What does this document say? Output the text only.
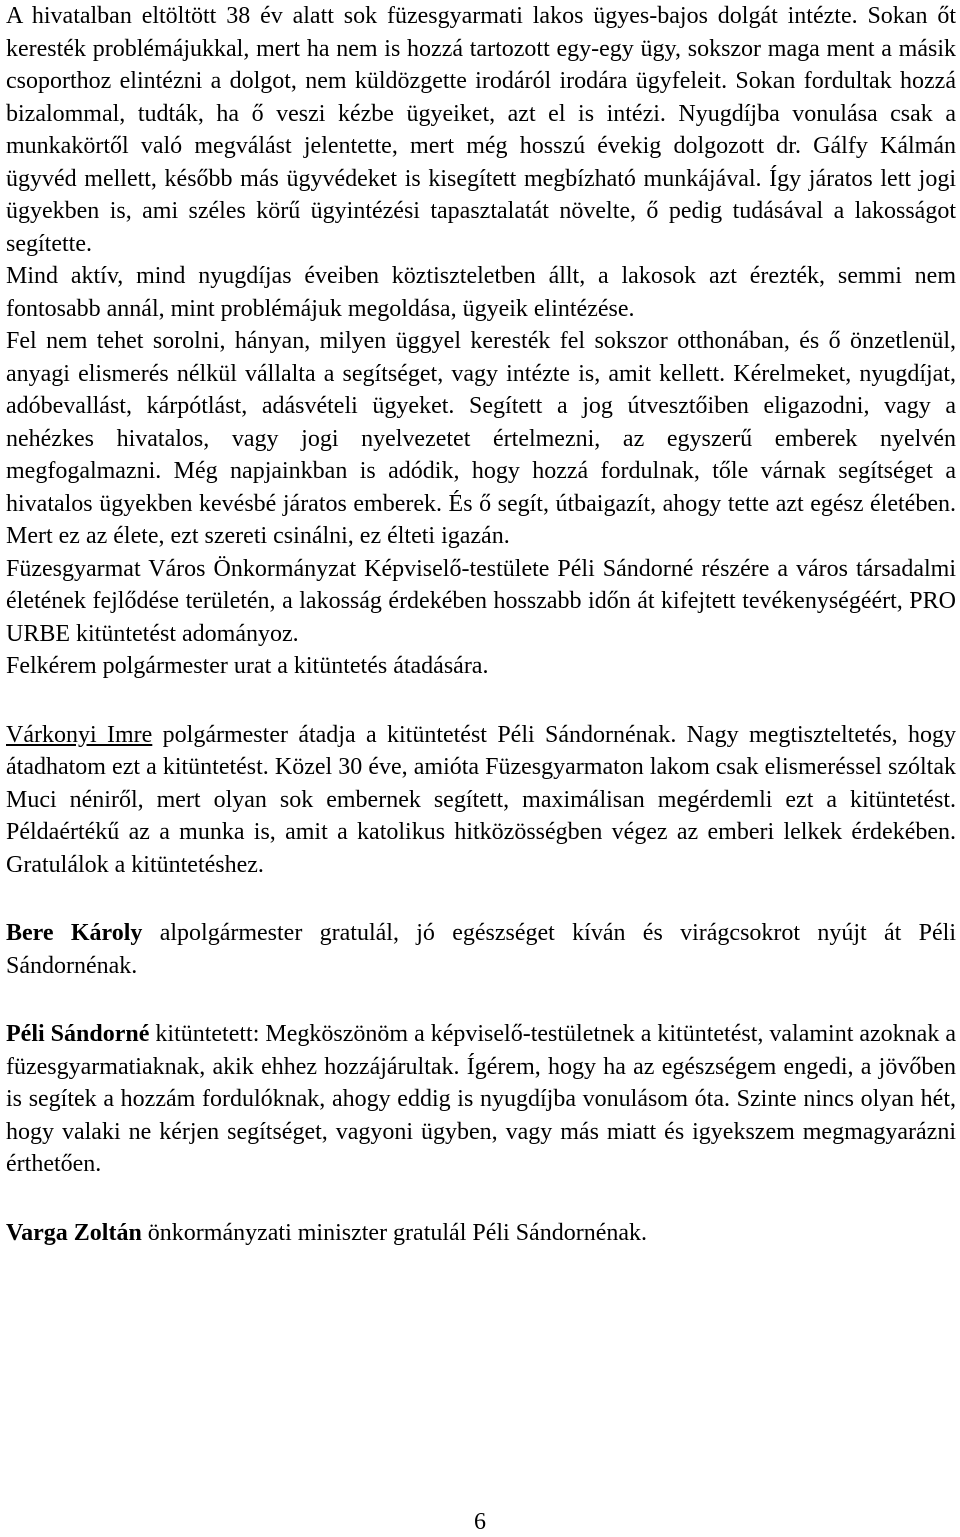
A hivatalban eltöltött 38 év alatt sok füzesgyarmati lakos ügyes-bajos dolgát intézte. Sokan őt keresték problémájukkal, mert ha nem is hozzá tartozott egy-egy ügy, sokszor maga ment a másik csoporthoz elintézni a dolgot, nem küldözgette irodáról irodára ügyfeleit. Sokan fordultak hozzá bizalommal, tudták, ha ő veszi kézbe ügyeiket, azt el is intézi. Nyugdíjba vonulása csak a munkakörtől való megválást jelentette, mert még hosszú évekig dolgozott dr. Gálfy Kálmán ügyvéd mellett, később más ügyvédeket is kisegített megbízható munkájával. Így járatos lett jogi ügyekben is, ami széles körű ügyintézési tapasztalatát növelte, ő pedig tudásával a lakosságot segítette.

Mind aktív, mind nyugdíjas éveiben köztiszteletben állt, a lakosok azt érezték, semmi nem fontosabb annál, mint problémájuk megoldása, ügyeik elintézése.

Fel nem tehet sorolni, hányan, milyen üggyel keresték fel sokszor otthonában, és ő önzetlenül, anyagi elismerés nélkül vállalta a segítséget, vagy intézte is, amit kellett. Kérelmeket, nyugdíjat, adóbevallást, kárpótlást, adásvételi ügyeket. Segített a jog útvesztőiben eligazodni, vagy a nehézkes hivatalos, vagy jogi nyelvezetet értelmezni, az egyszerű emberek nyelvén megfogalmazni. Még napjainkban is adódik, hogy hozzá fordulnak, tőle várnak segítséget a hivatalos ügyekben kevésbé járatos emberek. És ő segít, útbaigazít, ahogy tette azt egész életében. Mert ez az élete, ezt szereti csinálni, ez élteti igazán.

Füzesgyarmat Város Önkormányzat Képviselő-testülete Péli Sándorné részére a város társadalmi életének fejlődése területén, a lakosság érdekében hosszabb időn át kifejtett tevékenységéért, PRO URBE kitüntetést adományoz.

Felkérem polgármester urat a kitüntetés átadására.

Várkonyi Imre polgármester átadja a kitüntetést Péli Sándornénak. Nagy megtiszteltetés, hogy átadhatom ezt a kitüntetést. Közel 30 éve, amióta Füzesgyarmaton lakom csak elismeréssel szóltak Muci néniről, mert olyan sok embernek segített, maximálisan megérdemli ezt a kitüntetést. Példaértékű az a munka is, amit a katolikus hitközösségben végez az emberi lelkek érdekében. Gratulálok a kitüntetéshez.

Bere Károly alpolgármester gratulál, jó egészséget kíván és virágcsokrot nyújt át Péli Sándornénak.

Péli Sándorné kitüntetett: Megköszönöm a képviselő-testületnek a kitüntetést, valamint azoknak a füzesgyarmatiaknak, akik ehhez hozzájárultak. Ígérem, hogy ha az egészségem engedi, a jövőben is segítek a hozzám fordulóknak, ahogy eddig is nyugdíjba vonulásom óta. Szinte nincs olyan hét, hogy valaki ne kérjen segítséget, vagyoni ügyben, vagy más miatt és igyekszem megmagyarázni érthetően.

Varga Zoltán önkormányzati miniszter gratulál Péli Sándornénak.

6
